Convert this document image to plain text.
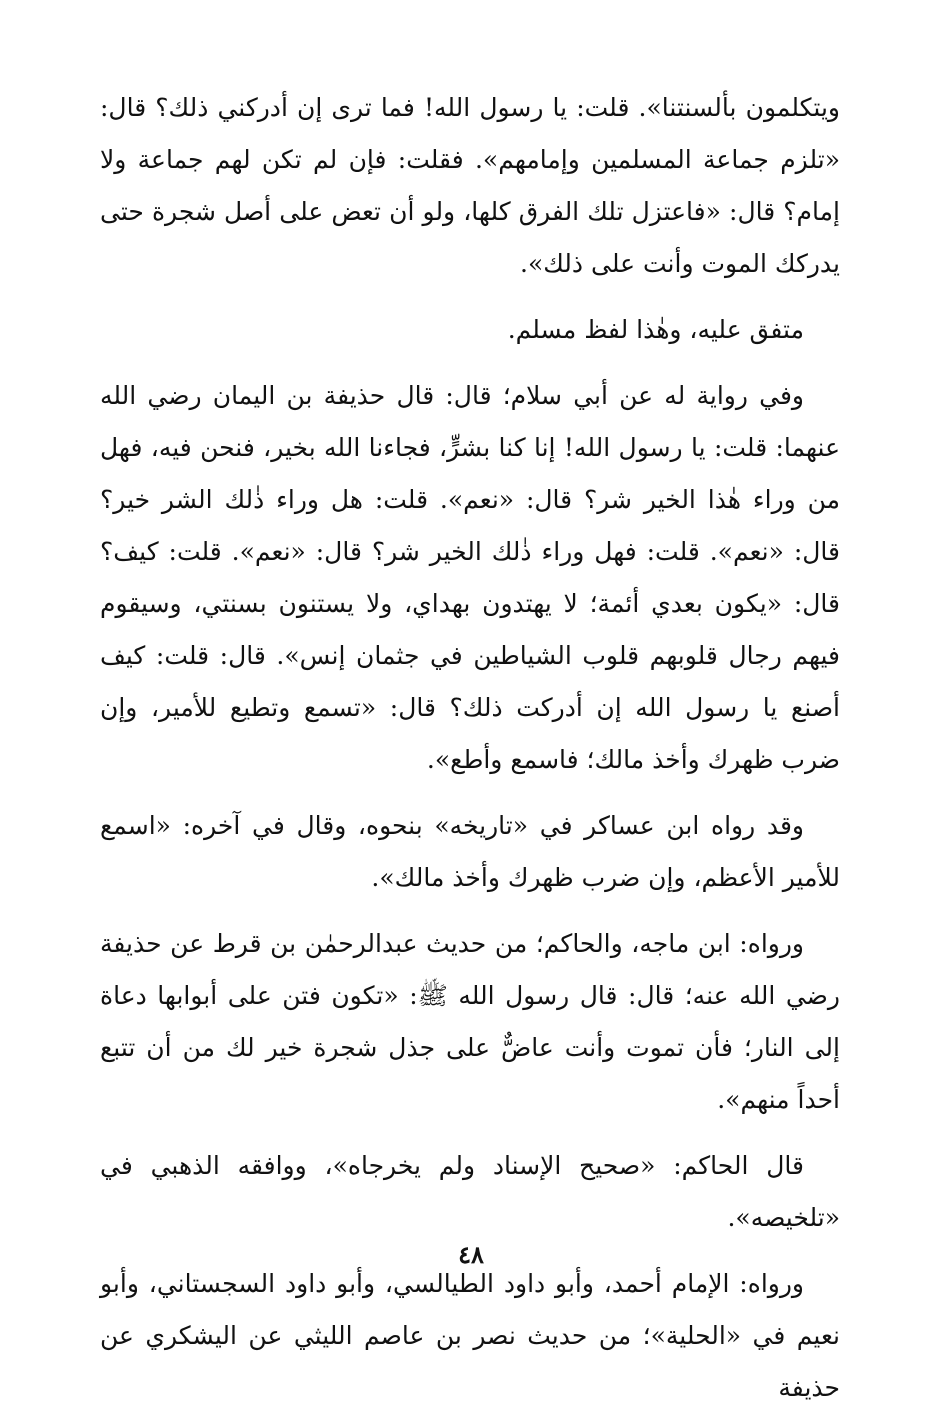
ويتكلمون بألسنتنا». قلت: يا رسول الله! فما ترى إن أدركني ذلك؟ قال: «تلزم جماعة المسلمين وإمامهم». فقلت: فإن لم تكن لهم جماعة ولا إمام؟ قال: «فاعتزل تلك الفرق كلها، ولو أن تعض على أصل شجرة حتى يدركك الموت وأنت على ذلك».

متفق عليه، وهٰذا لفظ مسلم.

وفي رواية له عن أبي سلام؛ قال: قال حذيفة بن اليمان رضي الله عنهما: قلت: يا رسول الله! إنا كنا بشرٍّ، فجاءنا الله بخير، فنحن فيه، فهل من وراء هٰذا الخير شر؟ قال: «نعم». قلت: هل وراء ذٰلك الشر خير؟ قال: «نعم». قلت: فهل وراء ذٰلك الخير شر؟ قال: «نعم». قلت: كيف؟ قال: «يكون بعدي أئمة؛ لا يهتدون بهداي، ولا يستنون بسنتي، وسيقوم فيهم رجال قلوبهم قلوب الشياطين في جثمان إنس». قال: قلت: كيف أصنع يا رسول الله إن أدركت ذلك؟ قال: «تسمع وتطيع للأمير، وإن ضرب ظهرك وأخذ مالك؛ فاسمع وأطع».

وقد رواه ابن عساكر في «تاريخه» بنحوه، وقال في آخره: «اسمع للأمير الأعظم، وإن ضرب ظهرك وأخذ مالك».

ورواه: ابن ماجه، والحاكم؛ من حديث عبدالرحمٰن بن قرط عن حذيفة رضي الله عنه؛ قال: قال رسول الله ﷺ: «تكون فتن على أبوابها دعاة إلى النار؛ فأن تموت وأنت عاضٌّ على جذل شجرة خير لك من أن تتبع أحداً منهم».

قال الحاكم: «صحيح الإسناد ولم يخرجاه»، ووافقه الذهبي في «تلخيصه».

ورواه: الإمام أحمد، وأبو داود الطيالسي، وأبو داود السجستاني، وأبو نعيم في «الحلية»؛ من حديث نصر بن عاصم الليثي عن اليشكري عن حذيفة

٤٨
